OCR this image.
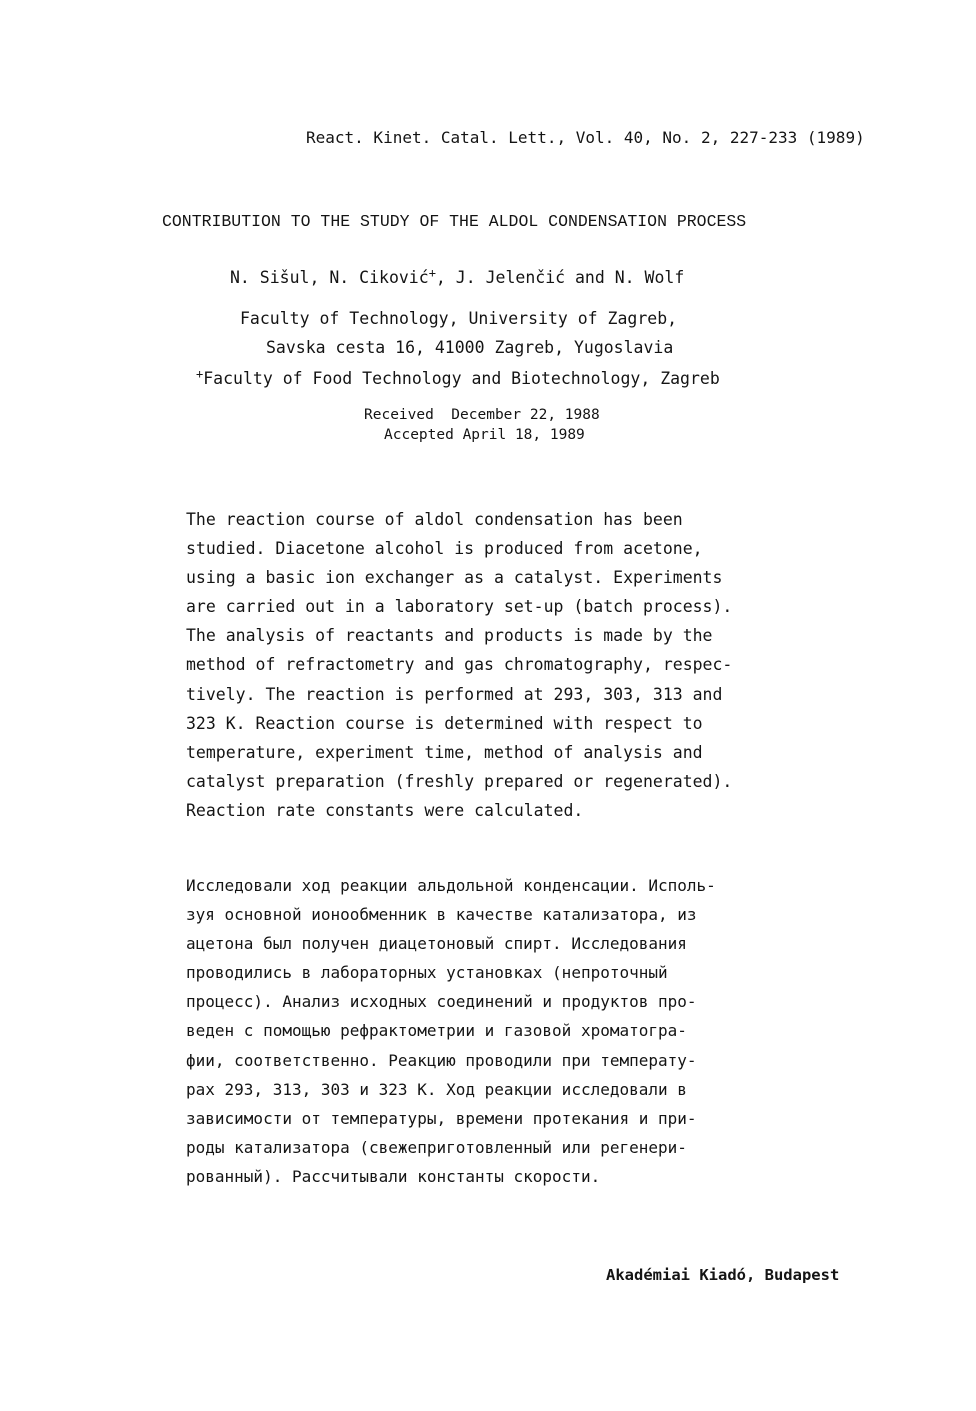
React. Kinet. Catal. Lett., Vol. 40, No. 2, 227-233 (1989)
CONTRIBUTION TO THE STUDY OF THE ALDOL CONDENSATION PROCESS
N. Sišul, N. Ciković+, J. Jelenčić and N. Wolf
Faculty of Technology, University of Zagreb,
Savska cesta 16, 41000 Zagreb, Yugoslavia
+Faculty of Food Technology and Biotechnology, Zagreb
Received  December 22, 1988
Accepted April 18, 1989
The reaction course of aldol condensation has been
studied. Diacetone alcohol is produced from acetone,
using a basic ion exchanger as a catalyst. Experiments
are carried out in a laboratory set-up (batch process).
The analysis of reactants and products is made by the
method of refractometry and gas chromatography, respec-
tively. The reaction is performed at 293, 303, 313 and
323 K. Reaction course is determined with respect to
temperature, experiment time, method of analysis and
catalyst preparation (freshly prepared or regenerated).
Reaction rate constants were calculated.
Исследовали ход реакции альдольной конденсации. Исполь-
зуя основной ионообменник в качестве катализатора, из
ацетона был получен диацетоновый спирт. Исследования
проводились в лабораторных установках (непроточный
процесс). Анализ исходных соединений и продуктов про-
веден с помощью рефрактометрии и газовой хроматогра-
фии, соответственно. Реакцию проводили при температу-
рах 293, 313, 303 и 323 К. Ход реакции исследовали в
зависимости от температуры, времени протекания и при-
роды катализатора (свежеприготовленный или регенери-
рованный). Рассчитывали константы скорости.
Akadémiai Kiadó, Budapest
